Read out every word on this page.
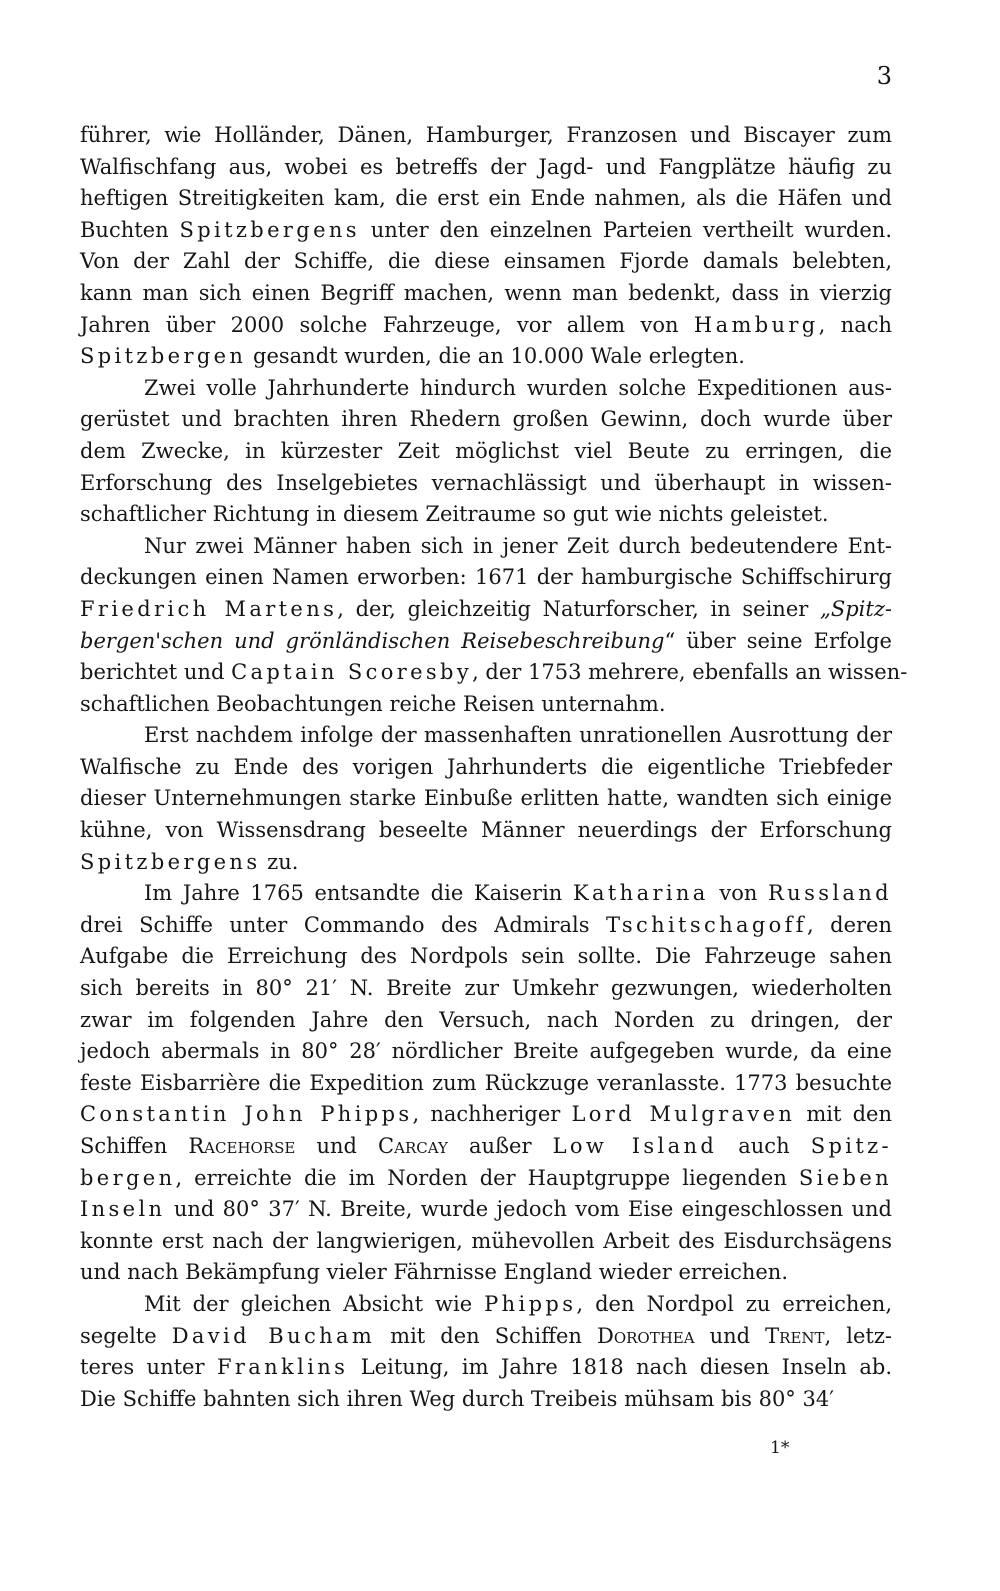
3
führer, wie Holländer, Dänen, Hamburger, Franzosen und Biscayer zum
Walfischfang aus, wobei es betreffs der Jagd- und Fangplätze häufig zu
heftigen Streitigkeiten kam, die erst ein Ende nahmen, als die Häfen und
Buchten Spitzbergens unter den einzelnen Parteien vertheilt wurden.
Von der Zahl der Schiffe, die diese einsamen Fjorde damals belebten,
kann man sich einen Begriff machen, wenn man bedenkt, dass in vierzig
Jahren über 2000 solche Fahrzeuge, vor allem von Hamburg, nach
Spitzbergen gesandt wurden, die an 10.000 Wale erlegten.
Zwei volle Jahrhunderte hindurch wurden solche Expeditionen aus-
gerüstet und brachten ihren Rhedern großen Gewinn, doch wurde über
dem Zwecke, in kürzester Zeit möglichst viel Beute zu erringen, die
Erforschung des Inselgebietes vernachlässigt und überhaupt in wissen-
schaftlicher Richtung in diesem Zeitraume so gut wie nichts geleistet.
Nur zwei Männer haben sich in jener Zeit durch bedeutendere Ent-
deckungen einen Namen erworben: 1671 der hamburgische Schiffschirurg
Friedrich Martens, der, gleichzeitig Naturforscher, in seiner „Spitz-
bergen'schen und grönländischen Reisebeschreibung“ über seine Erfolge
berichtet und Captain Scoresby, der 1753 mehrere, ebenfalls an wissen-
schaftlichen Beobachtungen reiche Reisen unternahm.
Erst nachdem infolge der massenhaften unrationellen Ausrottung der
Walfische zu Ende des vorigen Jahrhunderts die eigentliche Triebfeder
dieser Unternehmungen starke Einbuße erlitten hatte, wandten sich einige
kühne, von Wissensdrang beseelte Männer neuerdings der Erforschung
Spitzbergens zu.
Im Jahre 1765 entsandte die Kaiserin Katharina von Russland
drei Schiffe unter Commando des Admirals Tschitschagoff, deren
Aufgabe die Erreichung des Nordpols sein sollte. Die Fahrzeuge sahen
sich bereits in 80° 21′ N. Breite zur Umkehr gezwungen, wiederholten
zwar im folgenden Jahre den Versuch, nach Norden zu dringen, der
jedoch abermals in 80° 28′ nördlicher Breite aufgegeben wurde, da eine
feste Eisbarrière die Expedition zum Rückzuge veranlasste. 1773 besuchte
Constantin John Phipps, nachheriger Lord Mulgraven mit den
Schiffen Racehorse und Carcay außer Low Island auch Spitz-
bergen, erreichte die im Norden der Hauptgruppe liegenden Sieben
Inseln und 80° 37′ N. Breite, wurde jedoch vom Eise eingeschlossen und
konnte erst nach der langwierigen, mühevollen Arbeit des Eisdurchsägens
und nach Bekämpfung vieler Fährnisse England wieder erreichen.
Mit der gleichen Absicht wie Phipps, den Nordpol zu erreichen,
segelte David Bucham mit den Schiffen Dorothea und Trent, letz-
teres unter Franklins Leitung, im Jahre 1818 nach diesen Inseln ab.
Die Schiffe bahnten sich ihren Weg durch Treibeis mühsam bis 80° 34′
1*
